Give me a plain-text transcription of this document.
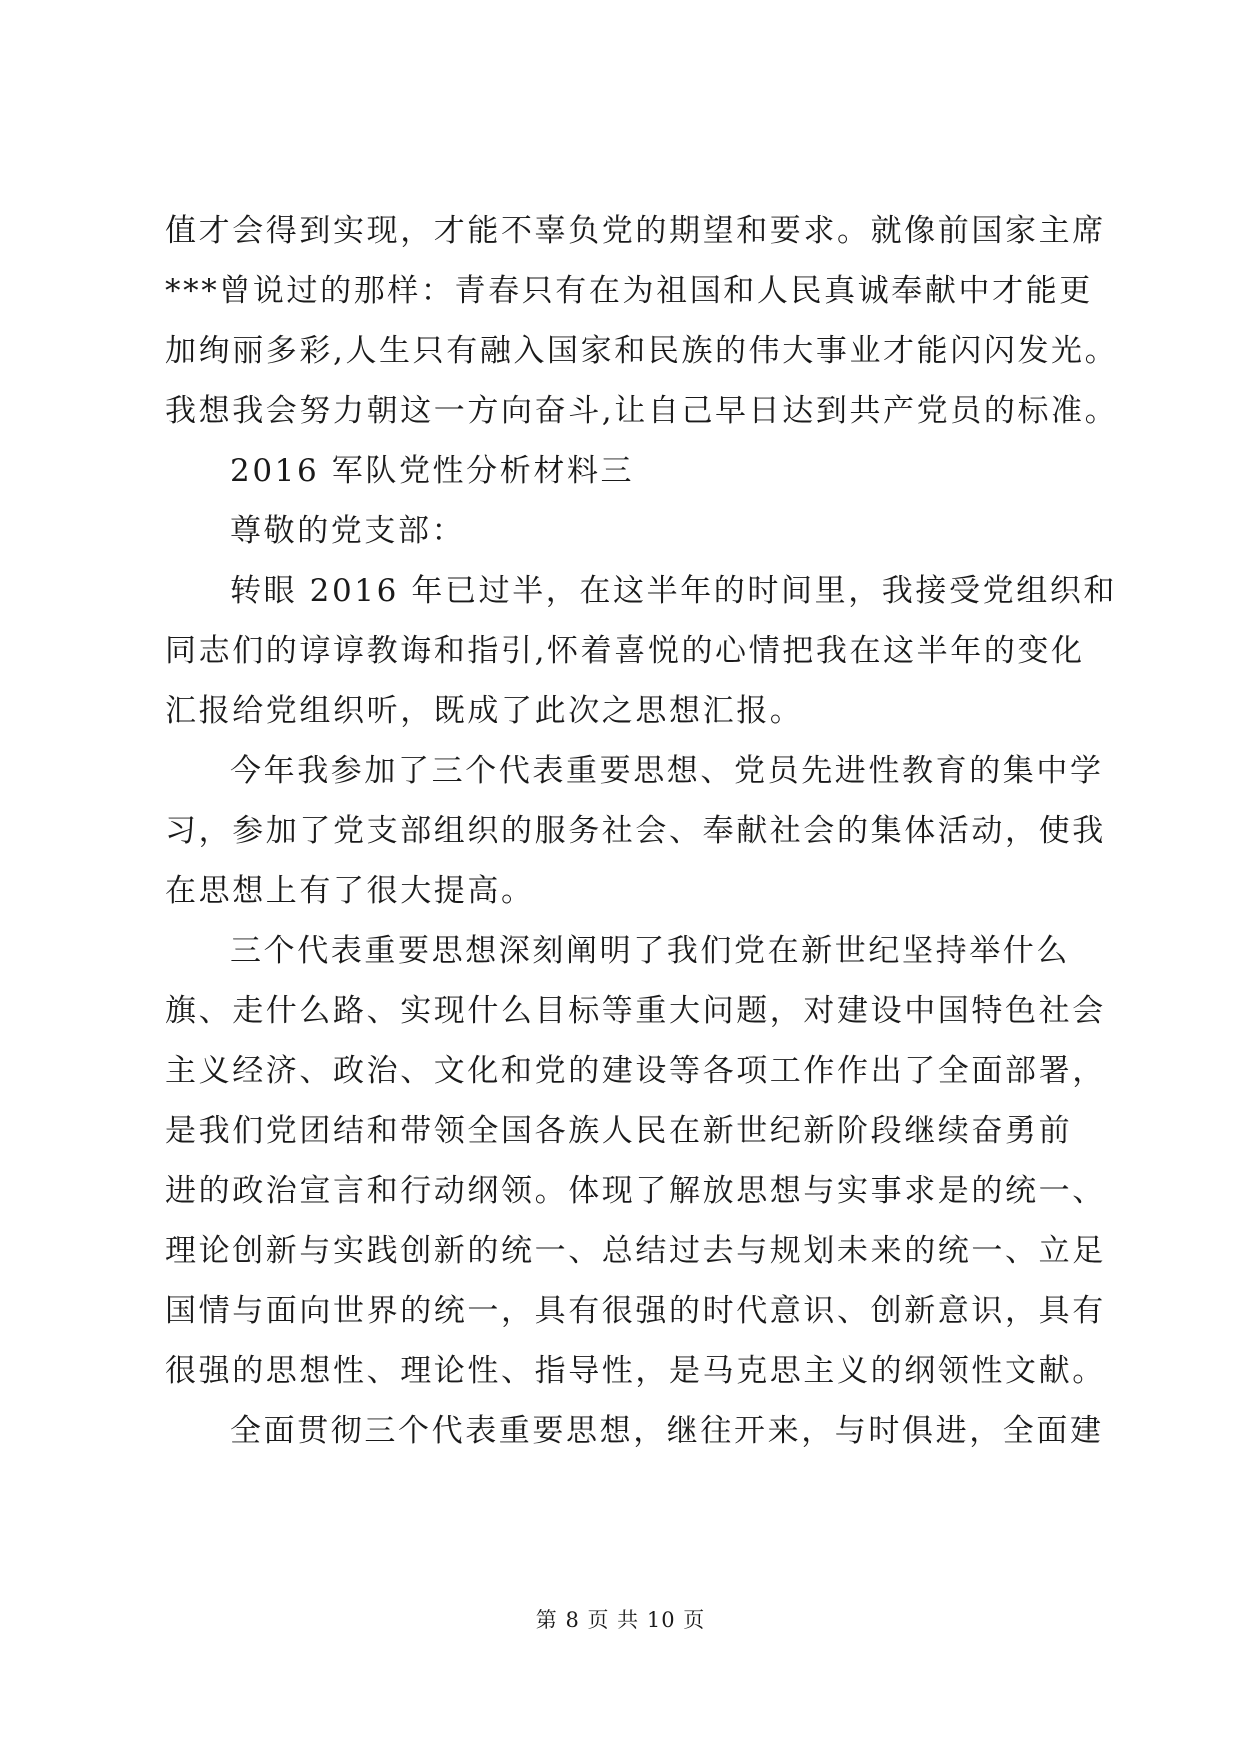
值才会得到实现，才能不辜负党的期望和要求。就像前国家主席
***曾说过的那样：青春只有在为祖国和人民真诚奉献中才能更
加绚丽多彩,人生只有融入国家和民族的伟大事业才能闪闪发光。
我想我会努力朝这一方向奋斗,让自己早日达到共产党员的标准。
2016 军队党性分析材料三
尊敬的党支部：
转眼 2016 年已过半，在这半年的时间里，我接受党组织和
同志们的谆谆教诲和指引,怀着喜悦的心情把我在这半年的变化
汇报给党组织听，既成了此次之思想汇报。
今年我参加了三个代表重要思想、党员先进性教育的集中学
习，参加了党支部组织的服务社会、奉献社会的集体活动，使我
在思想上有了很大提高。
三个代表重要思想深刻阐明了我们党在新世纪坚持举什么
旗、走什么路、实现什么目标等重大问题，对建设中国特色社会
主义经济、政治、文化和党的建设等各项工作作出了全面部署，
是我们党团结和带领全国各族人民在新世纪新阶段继续奋勇前
进的政治宣言和行动纲领。体现了解放思想与实事求是的统一、
理论创新与实践创新的统一、总结过去与规划未来的统一、立足
国情与面向世界的统一，具有很强的时代意识、创新意识，具有
很强的思想性、理论性、指导性，是马克思主义的纲领性文献。
全面贯彻三个代表重要思想，继往开来，与时俱进，全面建
第 8 页 共 10 页
